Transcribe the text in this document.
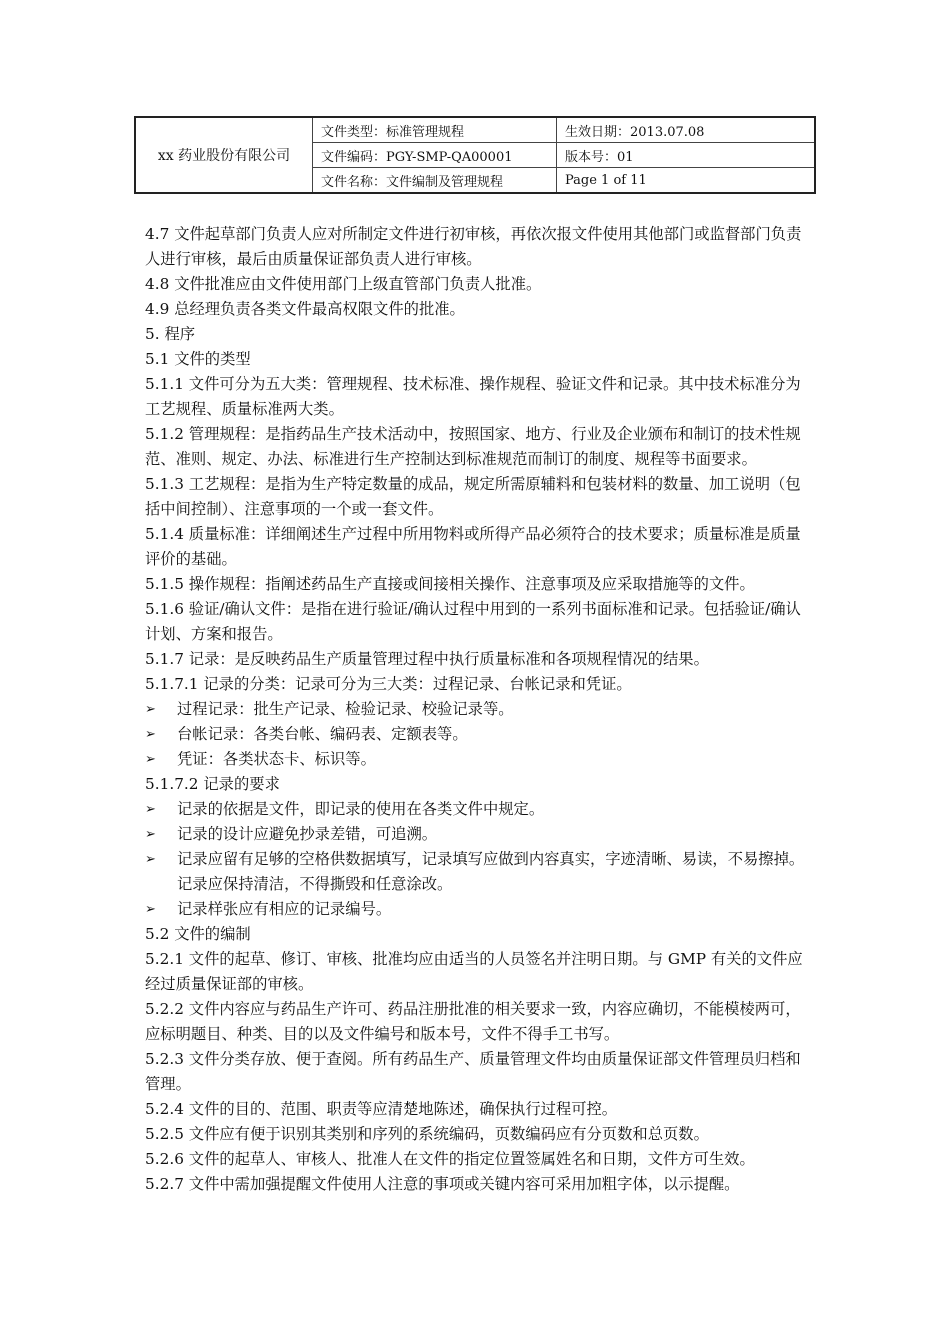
xx 药业股份有限公司
文件类型：标准管理规程	生效日期：2013.07.08
文件编码：PGY-SMP-QA00001	版本号：01
文件名称：文件编制及管理规程	Page 1 of 11

4.7 文件起草部门负责人应对所制定文件进行初审核，再依次报文件使用其他部门或监督部门负责人进行审核，最后由质量保证部负责人进行审核。

4.8 文件批准应由文件使用部门上级直管部门负责人批准。

4.9 总经理负责各类文件最高权限文件的批准。

5. 程序

5.1 文件的类型

5.1.1 文件可分为五大类：管理规程、技术标准、操作规程、验证文件和记录。其中技术标准分为工艺规程、质量标准两大类。

5.1.2 管理规程：是指药品生产技术活动中，按照国家、地方、行业及企业颁布和制订的技术性规范、准则、规定、办法、标准进行生产控制达到标准规范而制订的制度、规程等书面要求。

5.1.3 工艺规程：是指为生产特定数量的成品，规定所需原辅料和包装材料的数量、加工说明（包括中间控制）、注意事项的一个或一套文件。

5.1.4 质量标准：详细阐述生产过程中所用物料或所得产品必须符合的技术要求；质量标准是质量评价的基础。

5.1.5 操作规程：指阐述药品生产直接或间接相关操作、注意事项及应采取措施等的文件。

5.1.6 验证/确认文件：是指在进行验证/确认过程中用到的一系列书面标准和记录。包括验证/确认计划、方案和报告。

5.1.7 记录：是反映药品生产质量管理过程中执行质量标准和各项规程情况的结果。

5.1.7.1 记录的分类：记录可分为三大类：过程记录、台帐记录和凭证。

➢ 过程记录：批生产记录、检验记录、校验记录等。
➢ 台帐记录：各类台帐、编码表、定额表等。
➢ 凭证：各类状态卡、标识等。

5.1.7.2 记录的要求

➢ 记录的依据是文件，即记录的使用在各类文件中规定。
➢ 记录的设计应避免抄录差错，可追溯。
➢ 记录应留有足够的空格供数据填写，记录填写应做到内容真实，字迹清晰、易读，不易擦掉。记录应保持清洁，不得撕毁和任意涂改。
➢ 记录样张应有相应的记录编号。

5.2 文件的编制

5.2.1 文件的起草、修订、审核、批准均应由适当的人员签名并注明日期。与 GMP 有关的文件应经过质量保证部的审核。

5.2.2 文件内容应与药品生产许可、药品注册批准的相关要求一致，内容应确切，不能模棱两可，应标明题目、种类、目的以及文件编号和版本号，文件不得手工书写。

5.2.3 文件分类存放、便于查阅。所有药品生产、质量管理文件均由质量保证部文件管理员归档和管理。

5.2.4 文件的目的、范围、职责等应清楚地陈述，确保执行过程可控。

5.2.5 文件应有便于识别其类别和序列的系统编码，页数编码应有分页数和总页数。

5.2.6 文件的起草人、审核人、批准人在文件的指定位置签属姓名和日期，文件方可生效。

5.2.7 文件中需加强提醒文件使用人注意的事项或关键内容可采用加粗字体，以示提醒。
